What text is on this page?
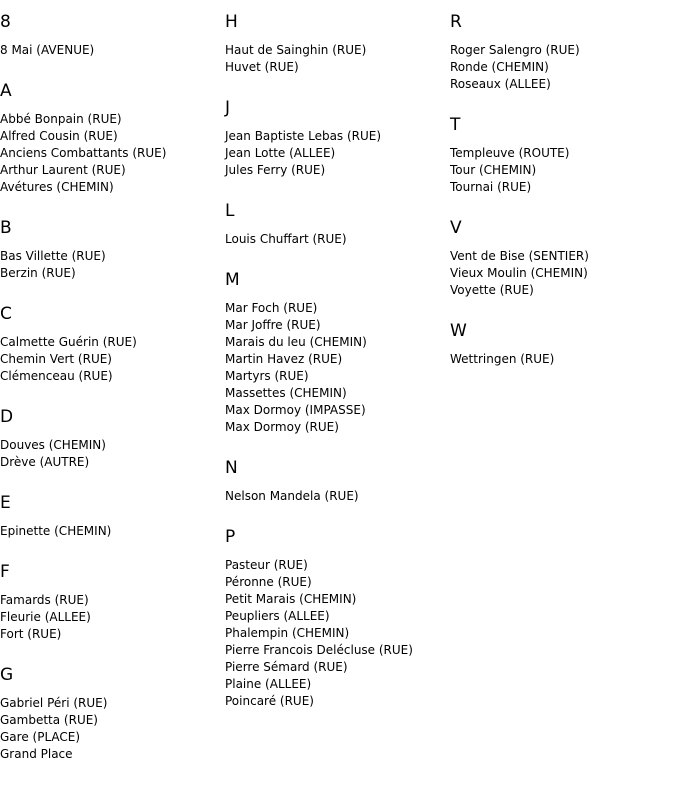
8
8 Mai (AVENUE)
A
Abbé Bonpain (RUE)
Alfred Cousin (RUE)
Anciens Combattants (RUE)
Arthur Laurent (RUE)
Avétures (CHEMIN)
B
Bas Villette (RUE)
Berzin (RUE)
C
Calmette Guérin (RUE)
Chemin Vert (RUE)
Clémenceau (RUE)
D
Douves (CHEMIN)
Drève (AUTRE)
E
Epinette (CHEMIN)
F
Famards (RUE)
Fleurie (ALLEE)
Fort (RUE)
G
Gabriel Péri (RUE)
Gambetta (RUE)
Gare (PLACE)
Grand Place
H
Haut de Sainghin (RUE)
Huvet (RUE)
J
Jean Baptiste Lebas (RUE)
Jean Lotte (ALLEE)
Jules Ferry (RUE)
L
Louis Chuffart (RUE)
M
Mar Foch (RUE)
Mar Joffre (RUE)
Marais du leu (CHEMIN)
Martin Havez (RUE)
Martyrs (RUE)
Massettes (CHEMIN)
Max Dormoy (IMPASSE)
Max Dormoy (RUE)
N
Nelson Mandela (RUE)
P
Pasteur (RUE)
Péronne (RUE)
Petit Marais (CHEMIN)
Peupliers (ALLEE)
Phalempin (CHEMIN)
Pierre Francois Delécluse (RUE)
Pierre Sémard (RUE)
Plaine (ALLEE)
Poincaré (RUE)
R
Roger Salengro (RUE)
Ronde (CHEMIN)
Roseaux (ALLEE)
T
Templeuve (ROUTE)
Tour (CHEMIN)
Tournai (RUE)
V
Vent de Bise (SENTIER)
Vieux Moulin (CHEMIN)
Voyette (RUE)
W
Wettringen (RUE)
